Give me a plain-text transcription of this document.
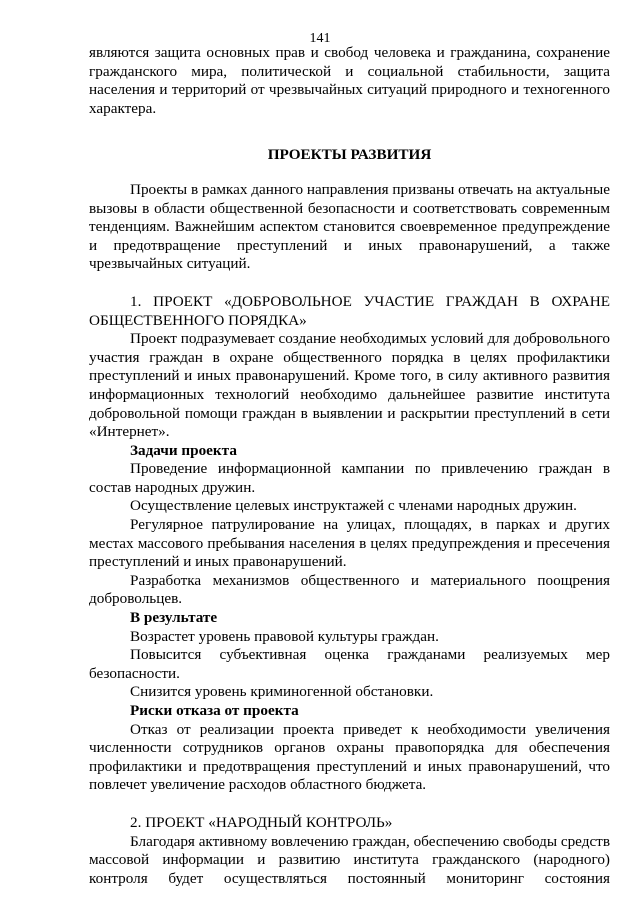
141

являются защита основных прав и свобод человека и гражданина, сохранение гражданского мира, политической и социальной стабильности, защита населения и территорий от чрезвычайных ситуаций природного и техногенного характера.

ПРОЕКТЫ РАЗВИТИЯ

Проекты в рамках данного направления призваны отвечать на актуальные вызовы в области общественной безопасности и соответствовать современным тенденциям. Важнейшим аспектом становится своевременное предупреждение и предотвращение преступлений и иных правонарушений, а также чрезвычайных ситуаций.

1. ПРОЕКТ «ДОБРОВОЛЬНОЕ УЧАСТИЕ ГРАЖДАН В ОХРАНЕ ОБЩЕСТВЕННОГО ПОРЯДКА»

Проект подразумевает создание необходимых условий для добровольного участия граждан в охране общественного порядка в целях профилактики преступлений и иных правонарушений. Кроме того, в силу активного развития информационных технологий необходимо дальнейшее развитие института добровольной помощи граждан в выявлении и раскрытии преступлений в сети «Интернет».

Задачи проекта

Проведение информационной кампании по привлечению граждан в состав народных дружин.

Осуществление целевых инструктажей с членами народных дружин.

Регулярное патрулирование на улицах, площадях, в парках и других местах массового пребывания населения в целях предупреждения и пресечения преступлений и иных правонарушений.

Разработка механизмов общественного и материального поощрения добровольцев.

В результате

Возрастет уровень правовой культуры граждан.

Повысится субъективная оценка гражданами реализуемых мер безопасности.

Снизится уровень криминогенной обстановки.

Риски отказа от проекта

Отказ от реализации проекта приведет к необходимости увеличения численности сотрудников органов охраны правопорядка для обеспечения профилактики и предотвращения преступлений и иных правонарушений, что повлечет увеличение расходов областного бюджета.

2. ПРОЕКТ «НАРОДНЫЙ КОНТРОЛЬ»

Благодаря активному вовлечению граждан, обеспечению свободы средств массовой информации и развитию института гражданского (народного) контроля будет осуществляться постоянный мониторинг состояния
